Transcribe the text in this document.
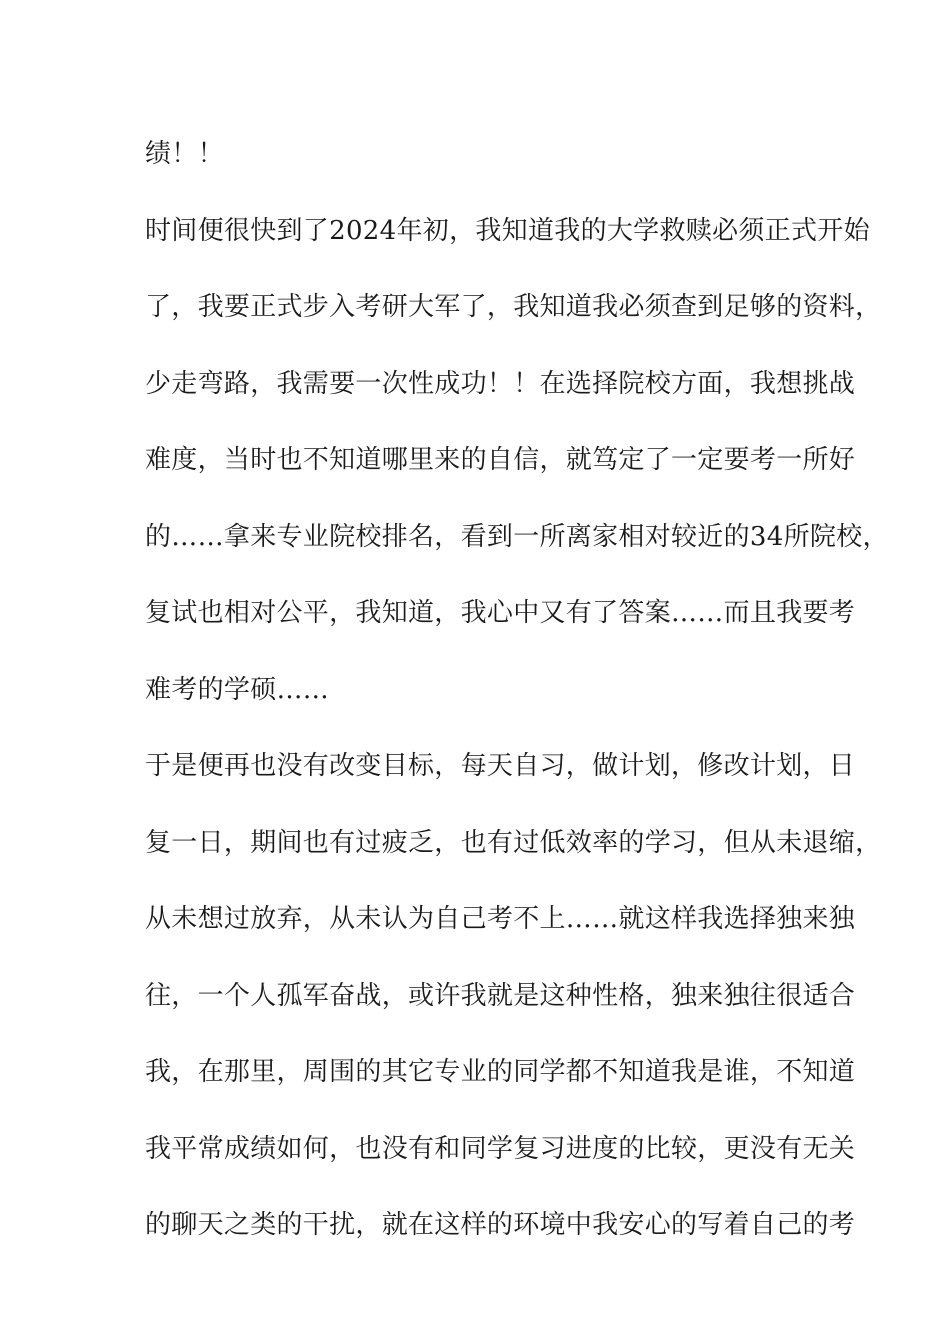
绩！！
时间便很快到了2024年初，我知道我的大学救赎必须正式开始
了，我要正式步入考研大军了，我知道我必须查到足够的资料，
少走弯路，我需要一次性成功！！在选择院校方面，我想挑战
难度，当时也不知道哪里来的自信，就笃定了一定要考一所好
的……拿来专业院校排名，看到一所离家相对较近的34所院校，
复试也相对公平，我知道，我心中又有了答案……而且我要考
难考的学硕……
于是便再也没有改变目标，每天自习，做计划，修改计划，日
复一日，期间也有过疲乏，也有过低效率的学习，但从未退缩，
从未想过放弃，从未认为自己考不上……就这样我选择独来独
往，一个人孤军奋战，或许我就是这种性格，独来独往很适合
我，在那里，周围的其它专业的同学都不知道我是谁，不知道
我平常成绩如何，也没有和同学复习进度的比较，更没有无关
的聊天之类的干扰，就在这样的环境中我安心的写着自己的考
